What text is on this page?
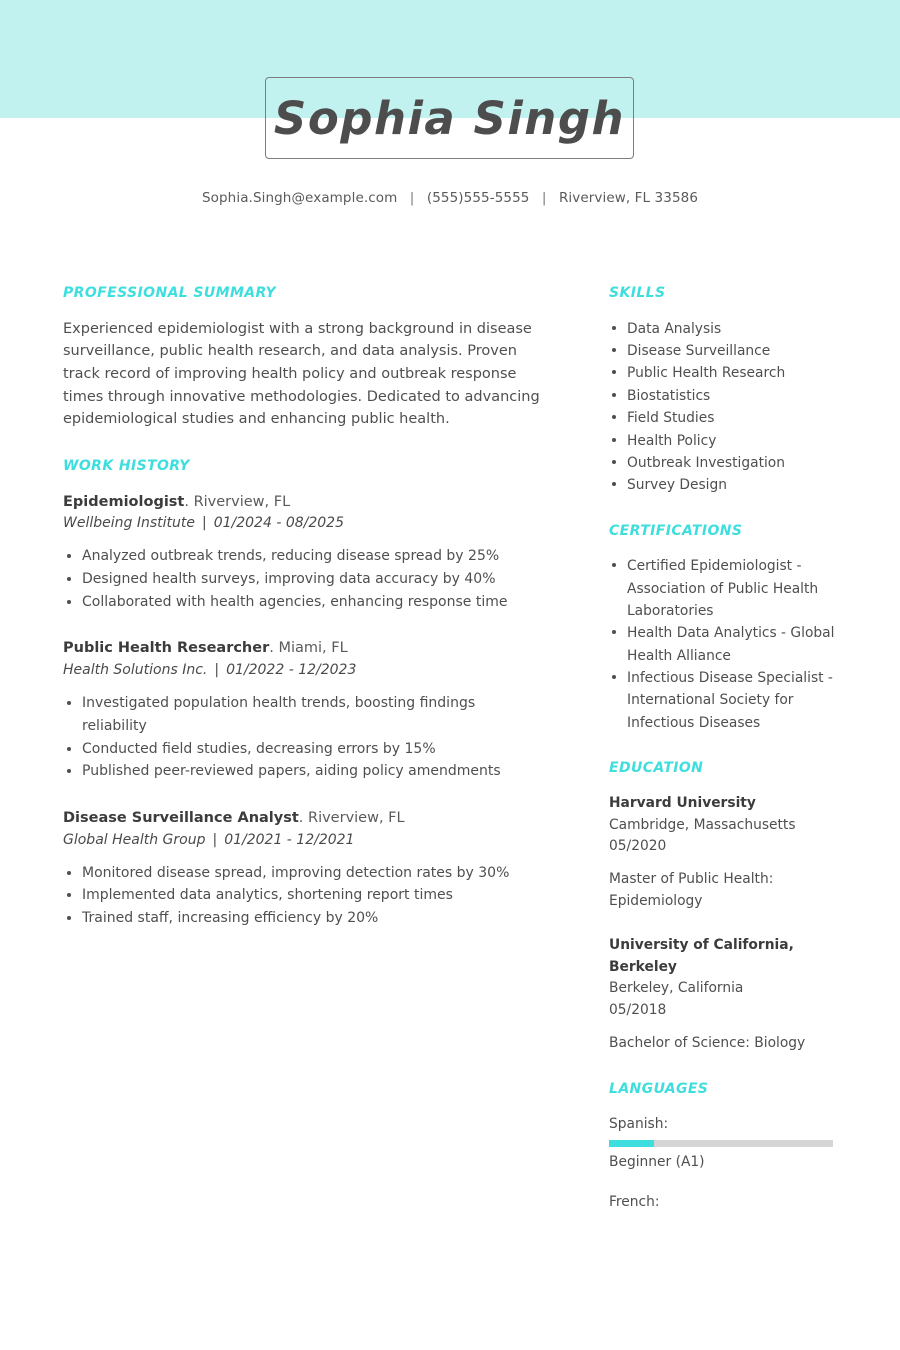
Sophia Singh
Sophia.Singh@example.com | (555)555-5555 | Riverview, FL 33586
PROFESSIONAL SUMMARY

Experienced epidemiologist with a strong background in disease surveillance, public health research, and data analysis. Proven track record of improving health policy and outbreak response times through innovative methodologies. Dedicated to advancing epidemiological studies and enhancing public health.

WORK HISTORY
Epidemiologist. Riverview, FL
Wellbeing Institute | 01/2024 - 08/2025
Analyzed outbreak trends, reducing disease spread by 25%
Designed health surveys, improving data accuracy by 40%
Collaborated with health agencies, enhancing response time
Public Health Researcher. Miami, FL
Health Solutions Inc. | 01/2022 - 12/2023
Investigated population health trends, boosting findings reliability
Conducted field studies, decreasing errors by 15%
Published peer-reviewed papers, aiding policy amendments
Disease Surveillance Analyst. Riverview, FL
Global Health Group | 01/2021 - 12/2021
Monitored disease spread, improving detection rates by 30%
Implemented data analytics, shortening report times
Trained staff, increasing efficiency by 20%
SKILLS
Data Analysis
Disease Surveillance
Public Health Research
Biostatistics
Field Studies
Health Policy
Outbreak Investigation
Survey Design
CERTIFICATIONS
Certified Epidemiologist - Association of Public Health Laboratories
Health Data Analytics - Global Health Alliance
Infectious Disease Specialist - International Society for Infectious Diseases
EDUCATION
Harvard University
Cambridge, Massachusetts
05/2020
Master of Public Health: Epidemiology
University of California, Berkeley
Berkeley, California
05/2018
Bachelor of Science: Biology
LANGUAGES
Spanish:
Beginner (A1)
French:
